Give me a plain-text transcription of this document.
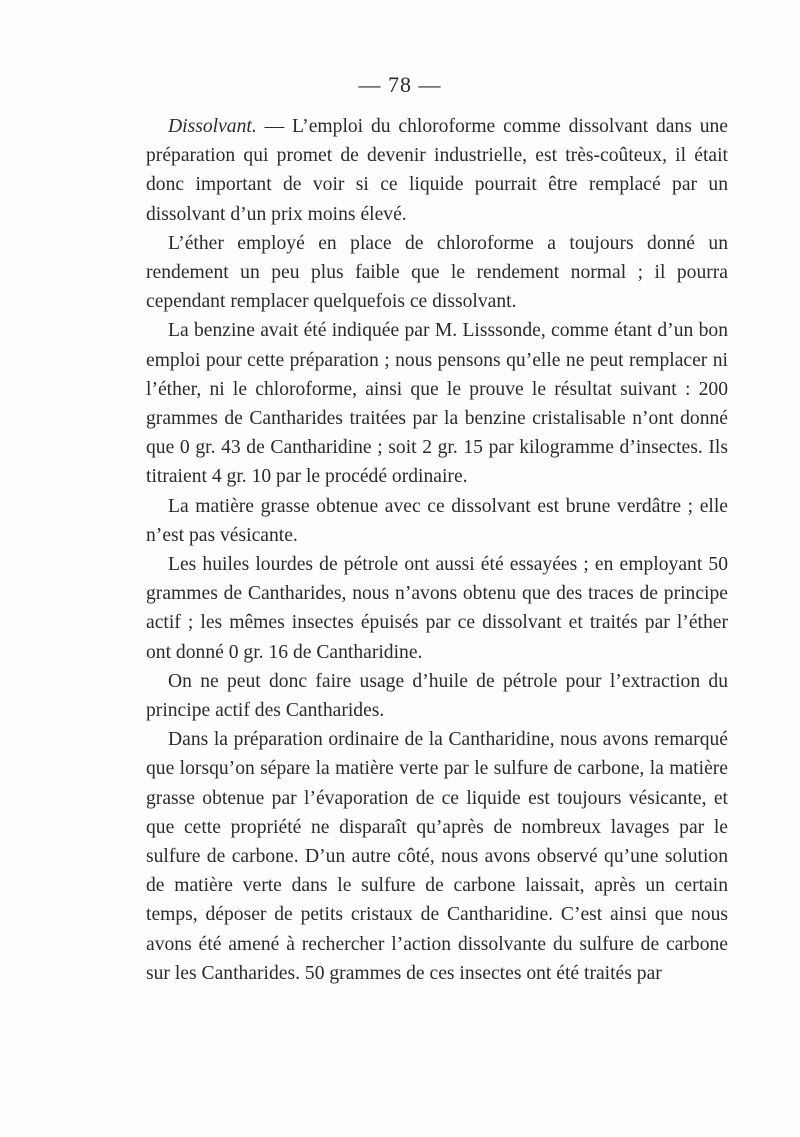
— 78 —

Dissolvant. — L’emploi du chloroforme comme dissolvant dans une préparation qui promet de devenir industrielle, est très-coûteux, il était donc important de voir si ce liquide pourrait être remplacé par un dissolvant d’un prix moins élevé.

L’éther employé en place de chloroforme a toujours donné un rendement un peu plus faible que le rendement normal ; il pourra cependant remplacer quelquefois ce dissolvant.

La benzine avait été indiquée par M. Lisssonde, comme étant d’un bon emploi pour cette préparation ; nous pensons qu’elle ne peut remplacer ni l’éther, ni le chloroforme, ainsi que le prouve le résultat suivant : 200 grammes de Cantharides traitées par la benzine cristalisable n’ont donné que 0 gr. 43 de Cantharidine ; soit 2 gr. 15 par kilogramme d’insectes. Ils titraient 4 gr. 10 par le procédé ordinaire.

La matière grasse obtenue avec ce dissolvant est brune verdâtre ; elle n’est pas vésicante.

Les huiles lourdes de pétrole ont aussi été essayées ; en employant 50 grammes de Cantharides, nous n’avons obtenu que des traces de principe actif ; les mêmes insectes épuisés par ce dissolvant et traités par l’éther ont donné 0 gr. 16 de Cantharidine.

On ne peut donc faire usage d’huile de pétrole pour l’extraction du principe actif des Cantharides.

Dans la préparation ordinaire de la Cantharidine, nous avons remarqué que lorsqu’on sépare la matière verte par le sulfure de carbone, la matière grasse obtenue par l’évaporation de ce liquide est toujours vésicante, et que cette propriété ne disparaît qu’après de nombreux lavages par le sulfure de carbone. D’un autre côté, nous avons observé qu’une solution de matière verte dans le sulfure de carbone laissait, après un certain temps, déposer de petits cristaux de Cantharidine. C’est ainsi que nous avons été amené à rechercher l’action dissolvante du sulfure de carbone sur les Cantharides. 50 grammes de ces insectes ont été traités par
